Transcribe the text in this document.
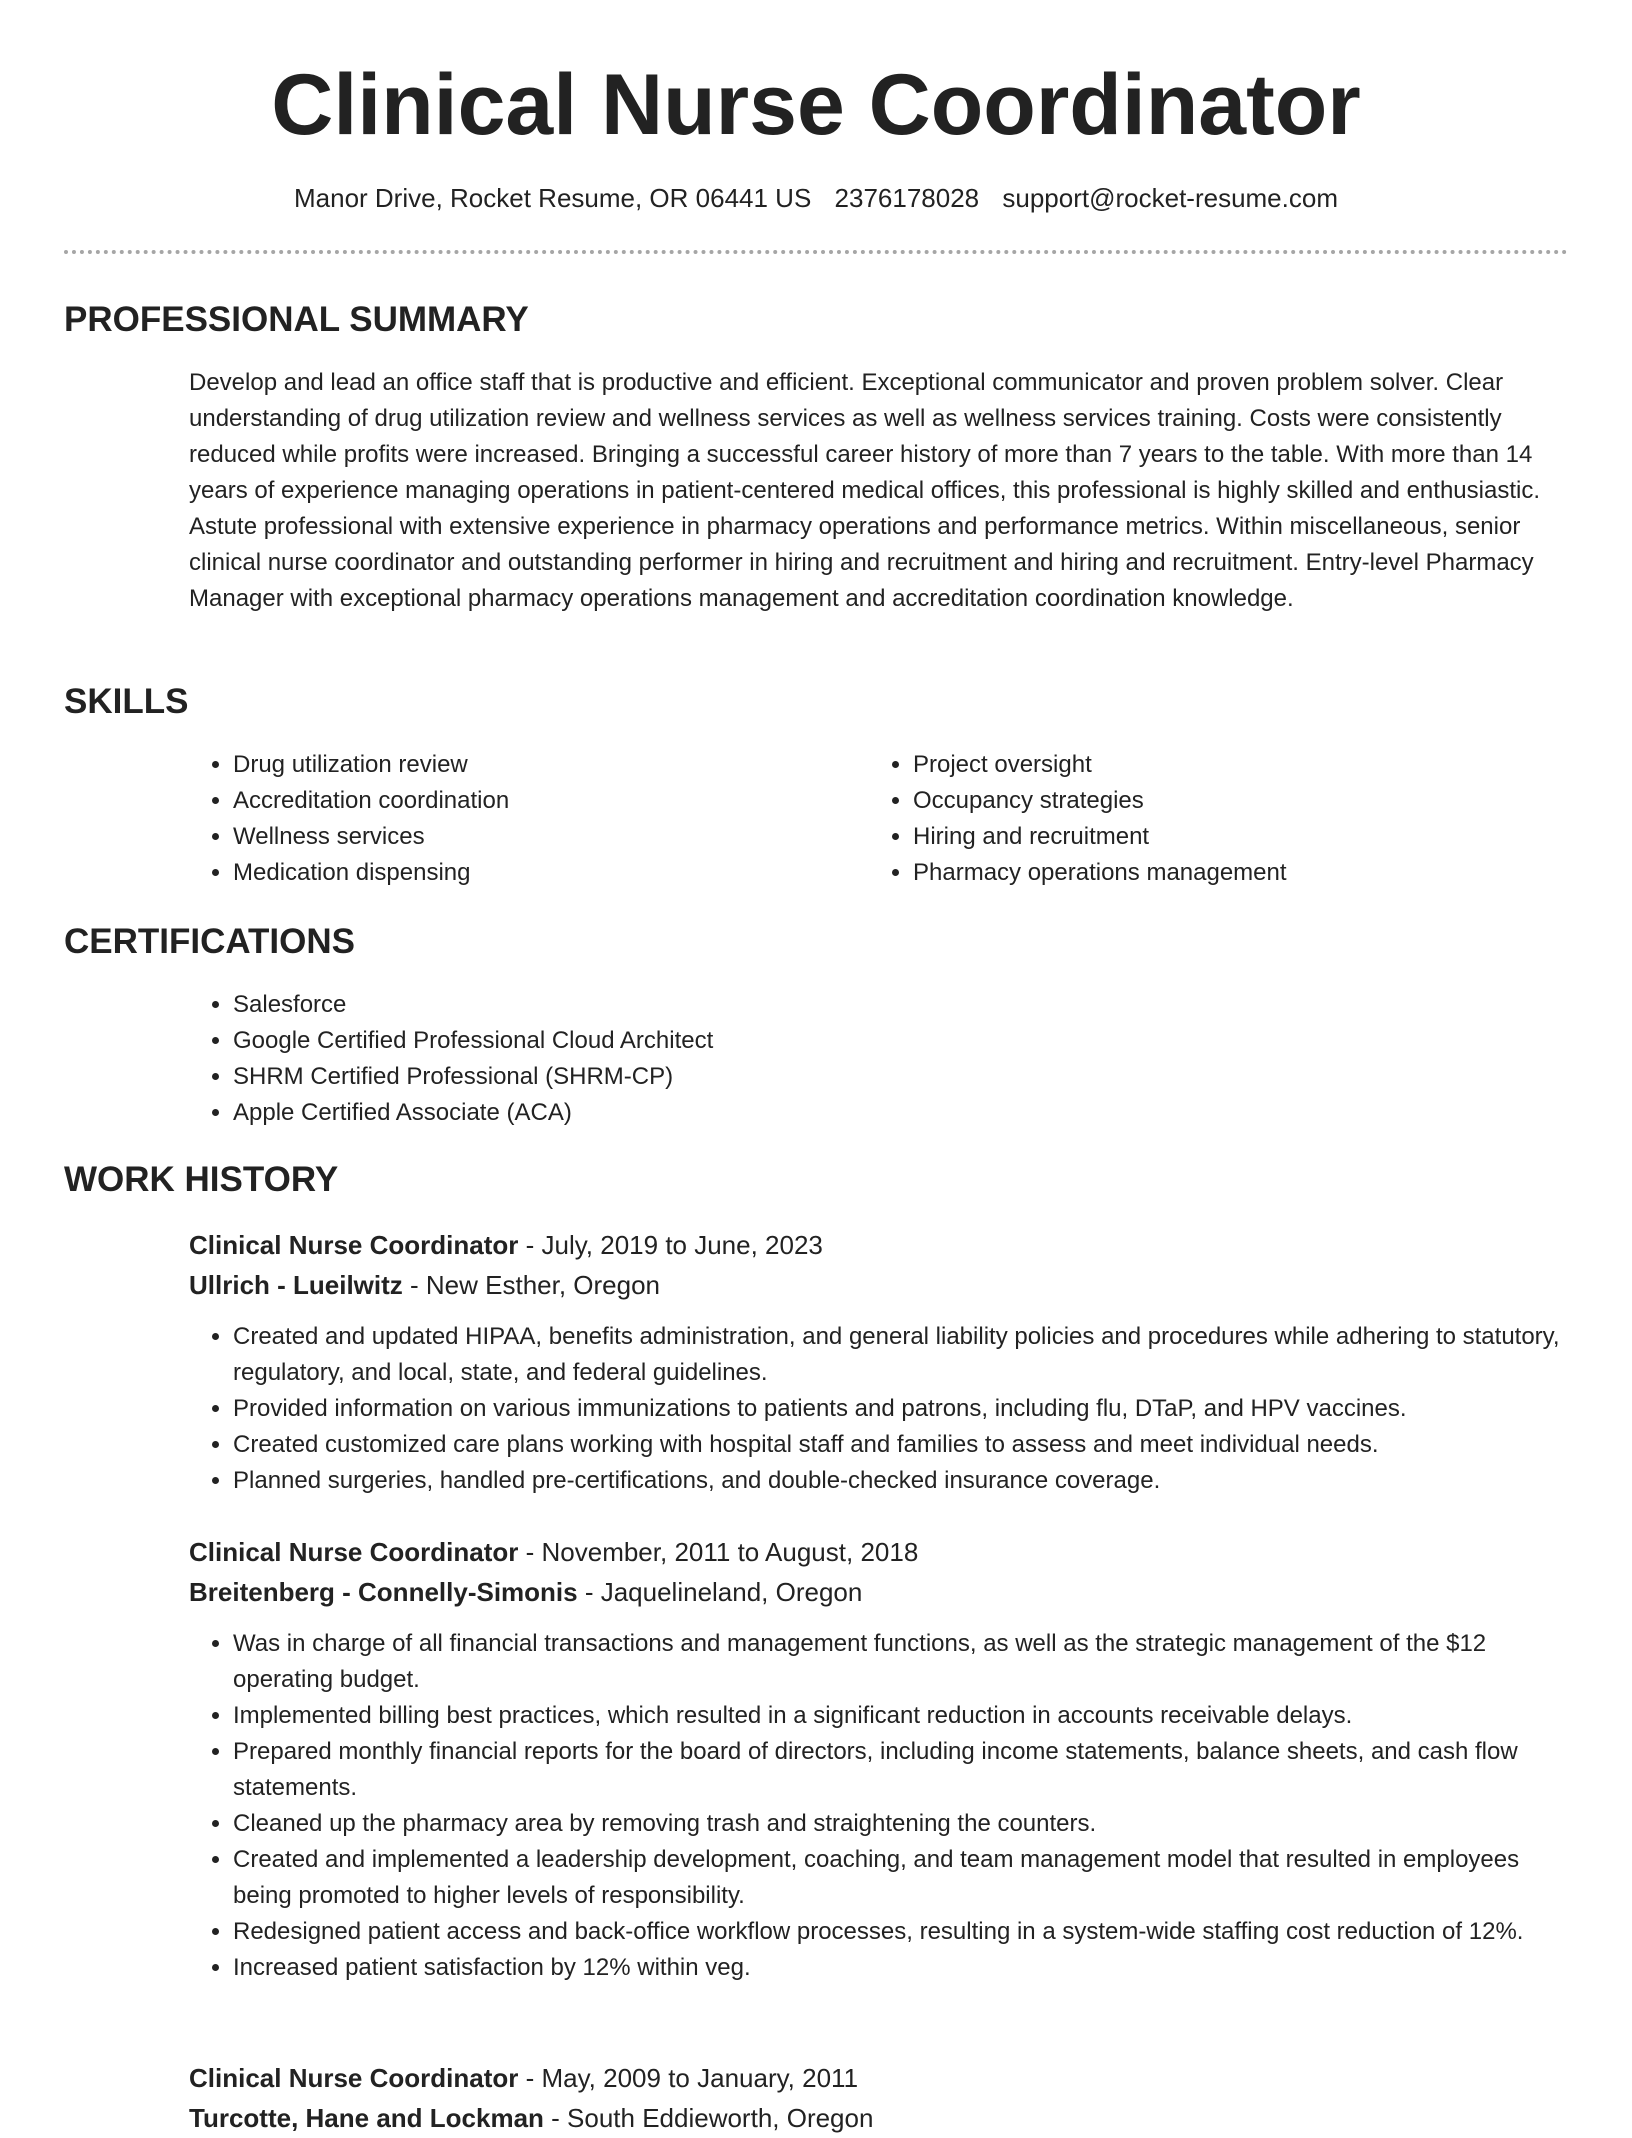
Clinical Nurse Coordinator
Manor Drive, Rocket Resume, OR 06441 US 2376178028 support@rocket-resume.com
PROFESSIONAL SUMMARY

Develop and lead an office staff that is productive and efficient. Exceptional communicator and proven problem solver. Clear understanding of drug utilization review and wellness services as well as wellness services training. Costs were consistently reduced while profits were increased. Bringing a successful career history of more than 7 years to the table. With more than 14 years of experience managing operations in patient-centered medical offices, this professional is highly skilled and enthusiastic. Astute professional with extensive experience in pharmacy operations and performance metrics. Within miscellaneous, senior clinical nurse coordinator and outstanding performer in hiring and recruitment and hiring and recruitment. Entry-level Pharmacy Manager with exceptional pharmacy operations management and accreditation coordination knowledge.

SKILLS
• Drug utilization review
• Accreditation coordination
• Wellness services
• Medication dispensing
• Project oversight
• Occupancy strategies
• Hiring and recruitment
• Pharmacy operations management
CERTIFICATIONS
• Salesforce
• Google Certified Professional Cloud Architect
• SHRM Certified Professional (SHRM-CP)
• Apple Certified Associate (ACA)
WORK HISTORY

Clinical Nurse Coordinator - July, 2019 to June, 2023

Ullrich - Lueilwitz - New Esther, Oregon

• Created and updated HIPAA, benefits administration, and general liability policies and procedures while adhering to statutory, regulatory, and local, state, and federal guidelines.
• Provided information on various immunizations to patients and patrons, including flu, DTaP, and HPV vaccines.
• Created customized care plans working with hospital staff and families to assess and meet individual needs.
• Planned surgeries, handled pre-certifications, and double-checked insurance coverage.

Clinical Nurse Coordinator - November, 2011 to August, 2018

Breitenberg - Connelly-Simonis - Jaquelineland, Oregon

• Was in charge of all financial transactions and management functions, as well as the strategic management of the $12 operating budget.
• Implemented billing best practices, which resulted in a significant reduction in accounts receivable delays.
• Prepared monthly financial reports for the board of directors, including income statements, balance sheets, and cash flow statements.
• Cleaned up the pharmacy area by removing trash and straightening the counters.
• Created and implemented a leadership development, coaching, and team management model that resulted in employees being promoted to higher levels of responsibility.
• Redesigned patient access and back-office workflow processes, resulting in a system-wide staffing cost reduction of 12%.
• Increased patient satisfaction by 12% within veg.

Clinical Nurse Coordinator - May, 2009 to January, 2011

Turcotte, Hane and Lockman - South Eddieworth, Oregon
